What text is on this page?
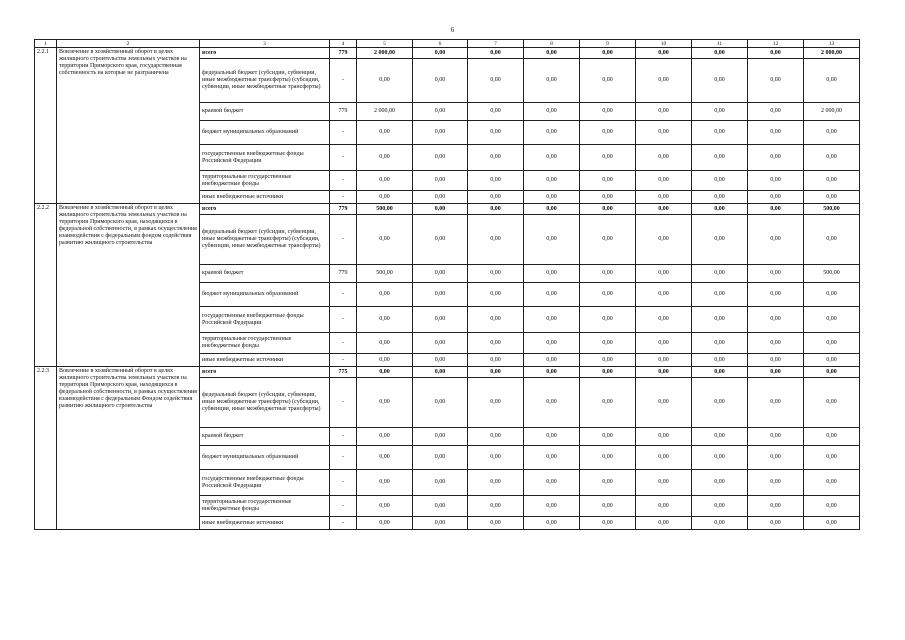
6
1	2	3	4	5	6	7	8	9	10	11	12	13
2.2.1	Вовлечение в хозяйственный оборот в целях жилищного строительства земельных участков на территории Приморского края, государственная собственность на которые не разграничена	всего	779	2 000,00	0,00	0,00	0,00	0,00	0,00	0,00	0,00	2 000,00
		федеральный бюджет (субсидии, субвенции, иные межбюджетные трансферты) (субсидии, субвенции, иные межбюджетные трансферты)	-	0,00	0,00	0,00	0,00	0,00	0,00	0,00	0,00	0,00
		краевой бюджет	779	2 000,00	0,00	0,00	0,00	0,00	0,00	0,00	0,00	2 000,00
		бюджет муниципальных образований	-	0,00	0,00	0,00	0,00	0,00	0,00	0,00	0,00	0,00
		государственные внебюджетные фонды Российской Федерации	-	0,00	0,00	0,00	0,00	0,00	0,00	0,00	0,00	0,00
		территориальные государственные внебюджетные фонды	-	0,00	0,00	0,00	0,00	0,00	0,00	0,00	0,00	0,00
		иные внебюджетные источники	-	0,00	0,00	0,00	0,00	0,00	0,00	0,00	0,00	0,00
2.2.2	Вовлечение в хозяйственный оборот в целях жилищного строительства земельных участков на территории Приморского края, находящихся в федеральной собственности, в рамках осуществления взаимодействия с федеральным фондом содействия развитию жилищного строительства	всего	779	500,00	0,00	0,00	0,00	0,00	0,00	0,00	0,00	500,00
		федеральный бюджет (субсидии, субвенции, иные межбюджетные трансферты) (субсидии, субвенции, иные межбюджетные трансферты)	-	0,00	0,00	0,00	0,00	0,00	0,00	0,00	0,00	0,00
		краевой бюджет	779	500,00	0,00	0,00	0,00	0,00	0,00	0,00	0,00	500,00
		бюджет муниципальных образований	-	0,00	0,00	0,00	0,00	0,00	0,00	0,00	0,00	0,00
		государственные внебюджетные фонды Российской Федерации	-	0,00	0,00	0,00	0,00	0,00	0,00	0,00	0,00	0,00
		территориальные государственные внебюджетные фонды	-	0,00	0,00	0,00	0,00	0,00	0,00	0,00	0,00	0,00
		иные внебюджетные источники	-	0,00	0,00	0,00	0,00	0,00	0,00	0,00	0,00	0,00
2.2.3	Вовлечение в хозяйственный оборот в целях жилищного строительства земельных участков на территории Приморского края, находящихся в федеральной собственности, в рамках осуществления взаимодействия с федеральным Фондом содействия развитию жилищного строительства	всего	775	0,00	0,00	0,00	0,00	0,00	0,00	0,00	0,00	0,00
		федеральный бюджет (субсидии, субвенции, иные межбюджетные трансферты) (субсидии, субвенции, иные межбюджетные трансферты)	-	0,00	0,00	0,00	0,00	0,00	0,00	0,00	0,00	0,00
		краевой бюджет	-	0,00	0,00	0,00	0,00	0,00	0,00	0,00	0,00	0,00
		бюджет муниципальных образований	-	0,00	0,00	0,00	0,00	0,00	0,00	0,00	0,00	0,00
		государственные внебюджетные фонды Российской Федерации	-	0,00	0,00	0,00	0,00	0,00	0,00	0,00	0,00	0,00
		территориальные государственные внебюджетные фонды	-	0,00	0,00	0,00	0,00	0,00	0,00	0,00	0,00	0,00
		иные внебюджетные источники	-	0,00	0,00	0,00	0,00	0,00	0,00	0,00	0,00	0,00
